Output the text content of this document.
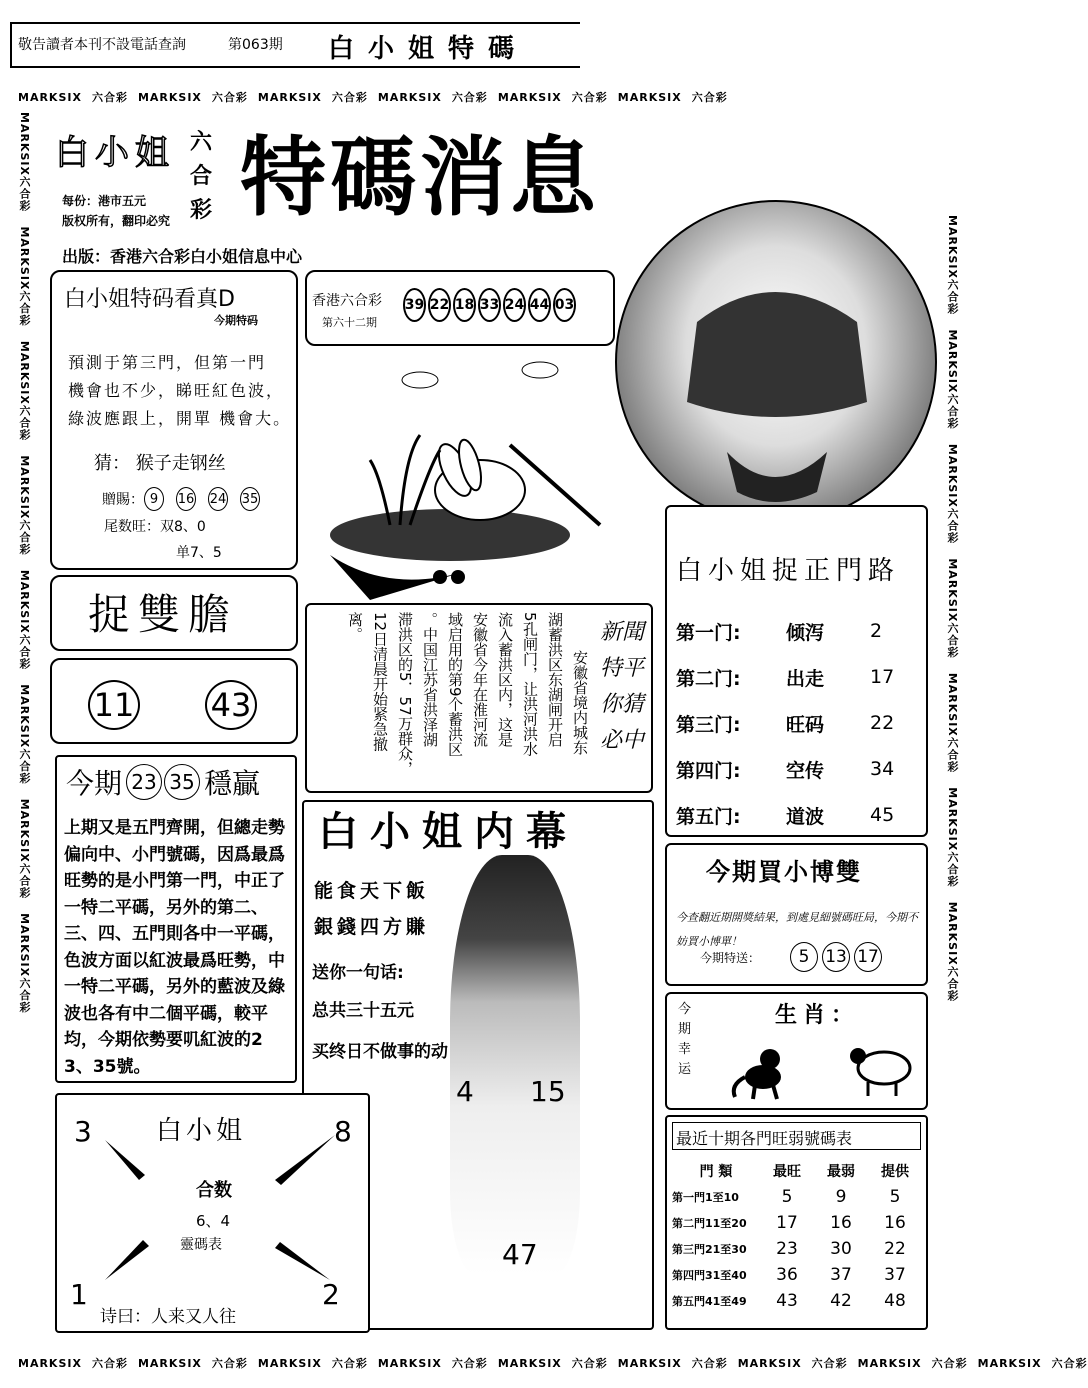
敬告讀者本刊不設電話查詢	第063期 白小姐特碼
MARKSIX 六合彩 MARKSIX 六合彩 MARKSIX 六合彩 MARKSIX 六合彩 MARKSIX 六合彩 MARKSIX 六合彩
MARKSIX 六合彩 MARKSIX 六合彩 MARKSIX 六合彩 MARKSIX 六合彩 MARKSIX 六合彩 MARKSIX 六合彩 MARKSIX 六合彩 MARKSIX 六合彩 MARKSIX 六合彩
MARKSIX六合彩   MARKSIX六合彩   MARKSIX六合彩   MARKSIX六合彩   MARKSIX六合彩   MARKSIX六合彩   MARKSIX六合彩   MARKSIX六合彩
MARKSIX六合彩   MARKSIX六合彩   MARKSIX六合彩   MARKSIX六合彩   MARKSIX六合彩   MARKSIX六合彩   MARKSIX六合彩
白小姐 六合彩 特碼消息
每份：港市五元
版权所有，翻印必究
出版：香港六合彩白小姐信息中心
白小姐特码看真D
今期特码
預測于第三門，但第一門
機會也不少，睇旺紅色波，
綠波應跟上，開單 機會大。
猜： 猴子走钢丝
贈賜： 9	16 24 35
尾数旺：双8、0
单7、5
香港六合彩
第六十二期
39 22 18 33 24 44 03
捉雙膽
11 43	安徽省境内城东
湖蓄洪区东湖闸开启
5孔闸门，让洪河洪水
流入蓄洪区内，这是
安徽省今年在淮河流
域启用的第9个蓄洪区
。中国江苏省洪泽湖
滞洪区的5．57万群众，
12日清晨开始紧急撤
离。	新聞特平 你猜必中
今期 23 35 穩贏
上期又是五門齊開，但總走勢偏向中、小門號碼，因爲最爲旺勢的是小門第一門，中正了一特二平碼，另外的第二、三、四、五門則各中一平碼，色波方面以紅波最爲旺勢，中一特二平碼，另外的藍波及綠波也各有中二個平碼，較平均，今期依勢要叽紅波的23、35號。
白小姐内幕
能食天下飯
銀錢四方賺
送你一句话:
总共三十五元
买终日不做事的动
4 15
47
白小姐
3	8
1	2
合数
6、4
靈碼表
诗曰：人来又人往
白小姐捉正門路
第一门:	倾泻	2
第二门:	出走	17
第三门:	旺码	22
第四门:	空传	34
第五门:	道波	45
今期買小博雙
今查翻近期開獎結果，到處見細號碼旺局，今期不妨買小博單！
今期特送：	5 13 17
今期幸运
生肖：
最近十期各門旺弱號碼表
門 類	最旺	最弱	提供
第一門1至10	5	9	5
第二門11至20	17	16	16
第三門21至30	23	30	22
第四門31至40	36	37	37
第五門41至49	43	42	48
